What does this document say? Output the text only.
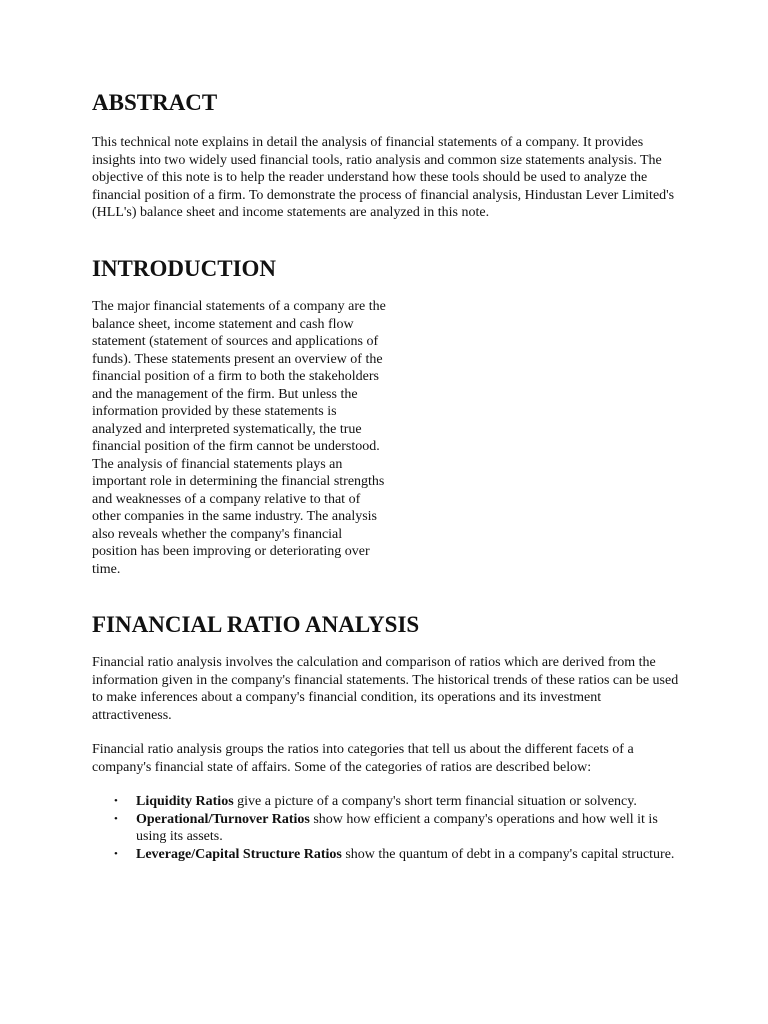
ABSTRACT

This technical note explains in detail the analysis of financial statements of a company. It provides insights into two widely used financial tools, ratio analysis and common size statements analysis. The objective of this note is to help the reader understand how these tools should be used to analyze the financial position of a firm. To demonstrate the process of financial analysis, Hindustan Lever Limited's (HLL's) balance sheet and income statements are analyzed in this note.

INTRODUCTION

The major financial statements of a company are the balance sheet, income statement and cash flow statement (statement of sources and applications of funds). These statements present an overview of the financial position of a firm to both the stakeholders and the management of the firm. But unless the information provided by these statements is analyzed and interpreted systematically, the true financial position of the firm cannot be understood. The analysis of financial statements plays an important role in determining the financial strengths and weaknesses of a company relative to that of other companies in the same industry. The analysis also reveals whether the company's financial position has been improving or deteriorating over time.

FINANCIAL RATIO ANALYSIS

Financial ratio analysis involves the calculation and comparison of ratios which are derived from the information given in the company's financial statements. The historical trends of these ratios can be used to make inferences about a company's financial condition, its operations and its investment attractiveness.

Financial ratio analysis groups the ratios into categories that tell us about the different facets of a company's financial state of affairs. Some of the categories of ratios are described below:

• Liquidity Ratios give a picture of a company's short term financial situation or solvency.
• Operational/Turnover Ratios show how efficient a company's operations and how well it is using its assets.
• Leverage/Capital Structure Ratios show the quantum of debt in a company's capital structure.
